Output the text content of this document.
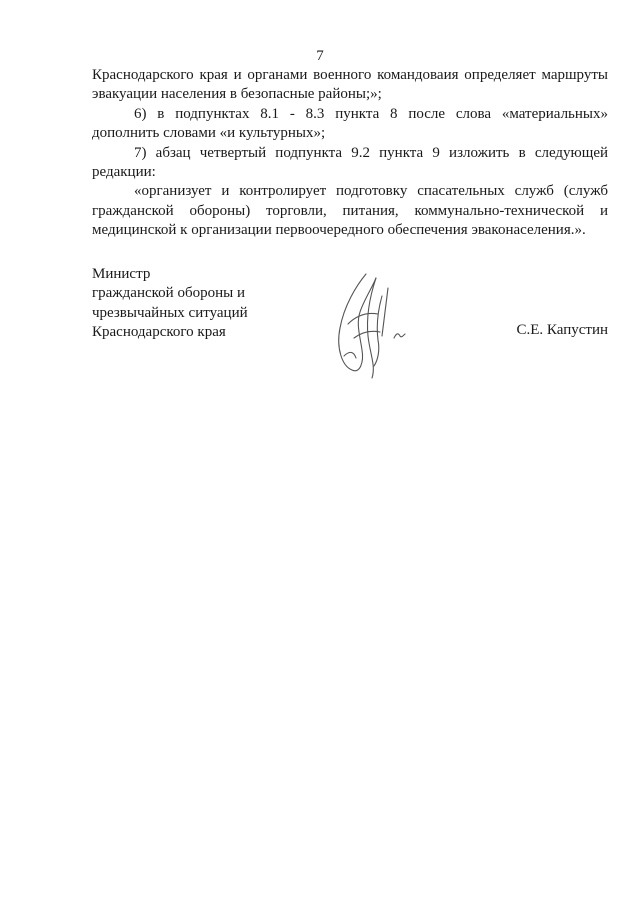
7

Краснодарского края и органами военного командоваия определяет маршруты эвакуации населения в безопасные районы;»;

6) в подпунктах 8.1 - 8.3 пункта 8 после слова «материальных» дополнить словами «и культурных»;

7) абзац четвертый подпункта 9.2 пункта 9 изложить в следующей редакции:

«организует и контролирует подготовку спасательных служб (служб гражданской обороны) торговли, питания, коммунально-технической и медицинской к организации первоочередного обеспечения эваконаселения.».

Министр
гражданской обороны и
чрезвычайных ситуаций
Краснодарского края	С.Е. Капустин
